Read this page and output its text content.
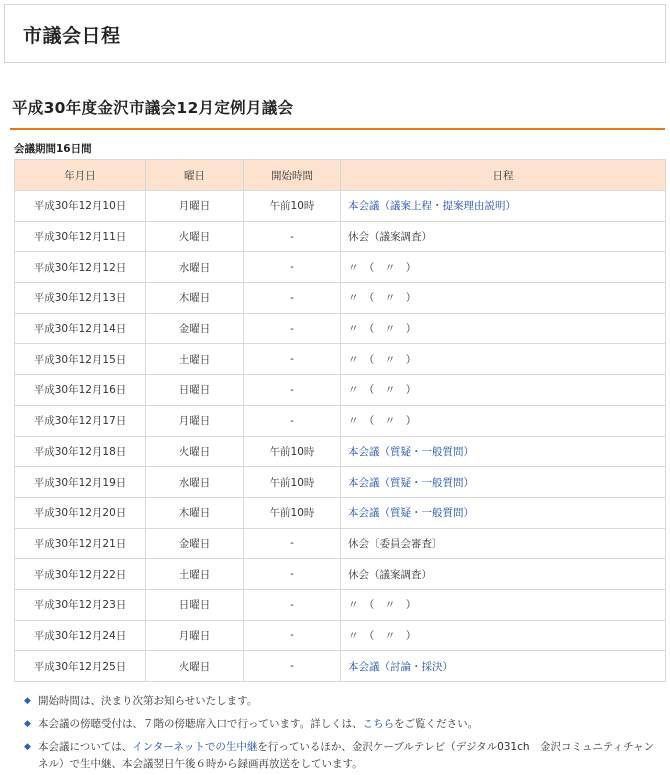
市議会日程
平成30年度金沢市議会12月定例月議会
会議期間16日間
年月日	曜日	開始時間	日程
平成30年12月10日	月曜日	午前10時	本会議（議案上程・提案理由説明）
平成30年12月11日	火曜日	-	休会（議案調査）
平成30年12月12日	水曜日	-	〃　（　〃　）
平成30年12月13日	木曜日	-	〃　（　〃　）
平成30年12月14日	金曜日	-	〃　（　〃　）
平成30年12月15日	土曜日	-	〃　（　〃　）
平成30年12月16日	日曜日	-	〃　（　〃　）
平成30年12月17日	月曜日	-	〃　（　〃　）
平成30年12月18日	火曜日	午前10時	本会議（質疑・一般質問）
平成30年12月19日	水曜日	午前10時	本会議（質疑・一般質問）
平成30年12月20日	木曜日	午前10時	本会議（質疑・一般質問）
平成30年12月21日	金曜日	-	休会〔委員会審査〕
平成30年12月22日	土曜日	-	休会（議案調査）
平成30年12月23日	日曜日	-	〃　（　〃　）
平成30年12月24日	月曜日	-	〃　（　〃　）
平成30年12月25日	火曜日	-	本会議（討論・採決）
◆ 開始時間は、決まり次第お知らせいたします。
◆ 本会議の傍聴受付は、７階の傍聴席入口で行っています。詳しくは、こちらをご覧ください。
◆ 本会議については、インターネットでの生中継を行っているほか、金沢ケーブルテレビ（デジタル031ch　金沢コミュニティチャンネル）で生中継、本会議翌日午後６時から録画再放送をしています。
